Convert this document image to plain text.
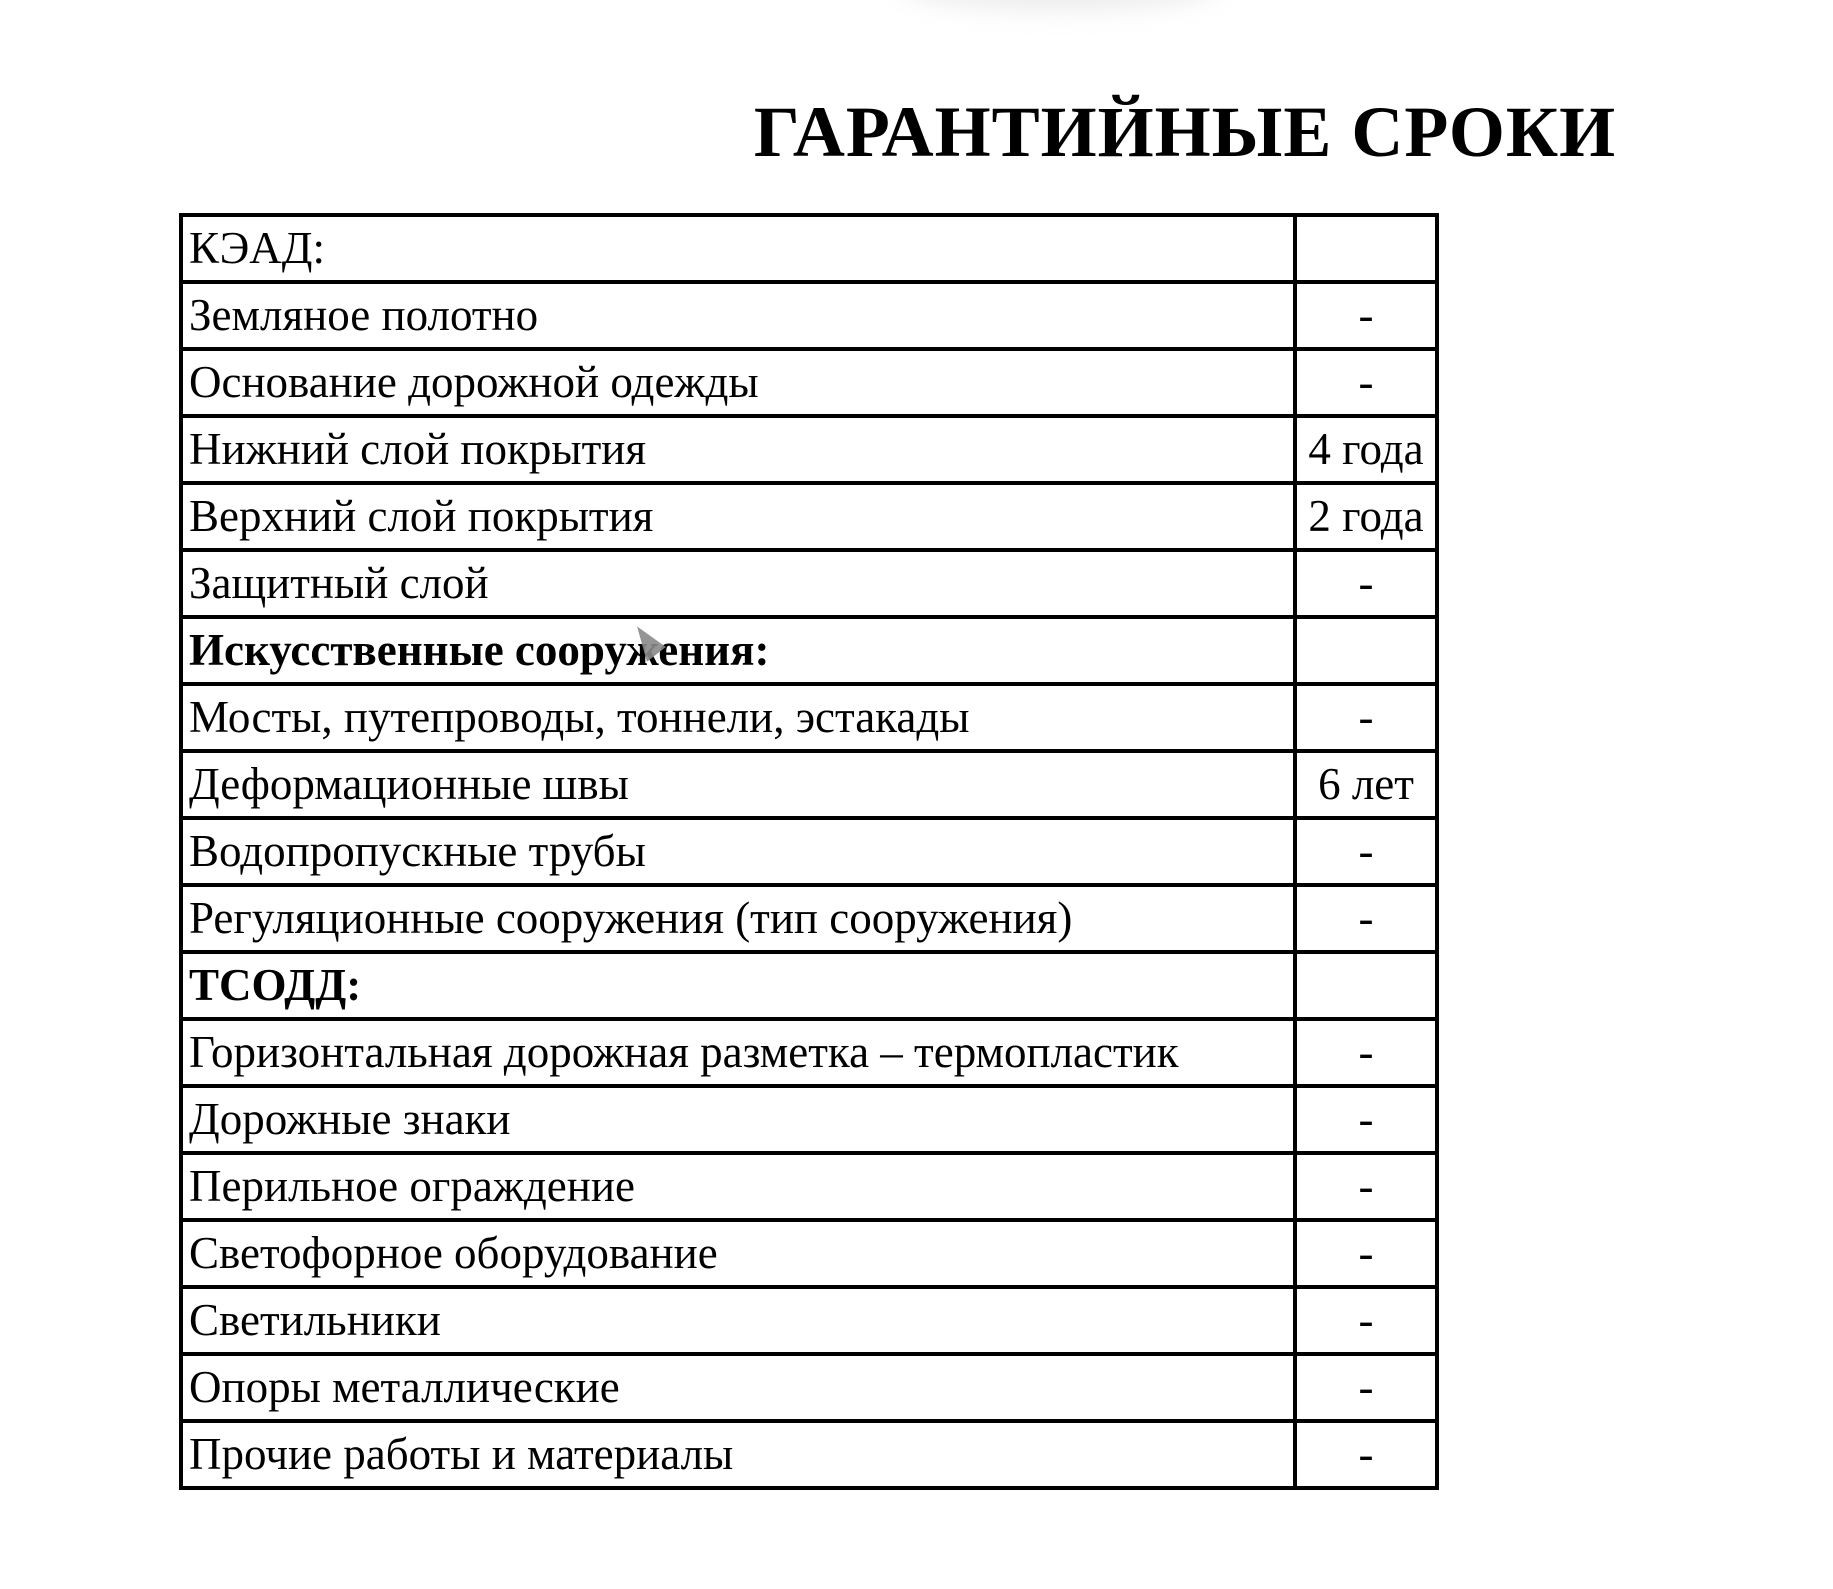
ГАРАНТИЙНЫЕ СРОКИ
КЭАД:	
Земляное полотно	-
Основание дорожной одежды	-
Нижний слой покрытия	4 года
Верхний слой покрытия	2 года
Защитный слой	-
Искусственные сооружения:	
Мосты, путепроводы, тоннели, эстакады	-
Деформационные швы	6 лет
Водопропускные трубы	-
Регуляционные сооружения (тип сооружения)	-
ТСОДД:	
Горизонтальная дорожная разметка – термопластик	-
Дорожные знаки	-
Перильное ограждение	-
Светофорное оборудование	-
Светильники	-
Опоры металлические	-
Прочие работы и материалы	-
